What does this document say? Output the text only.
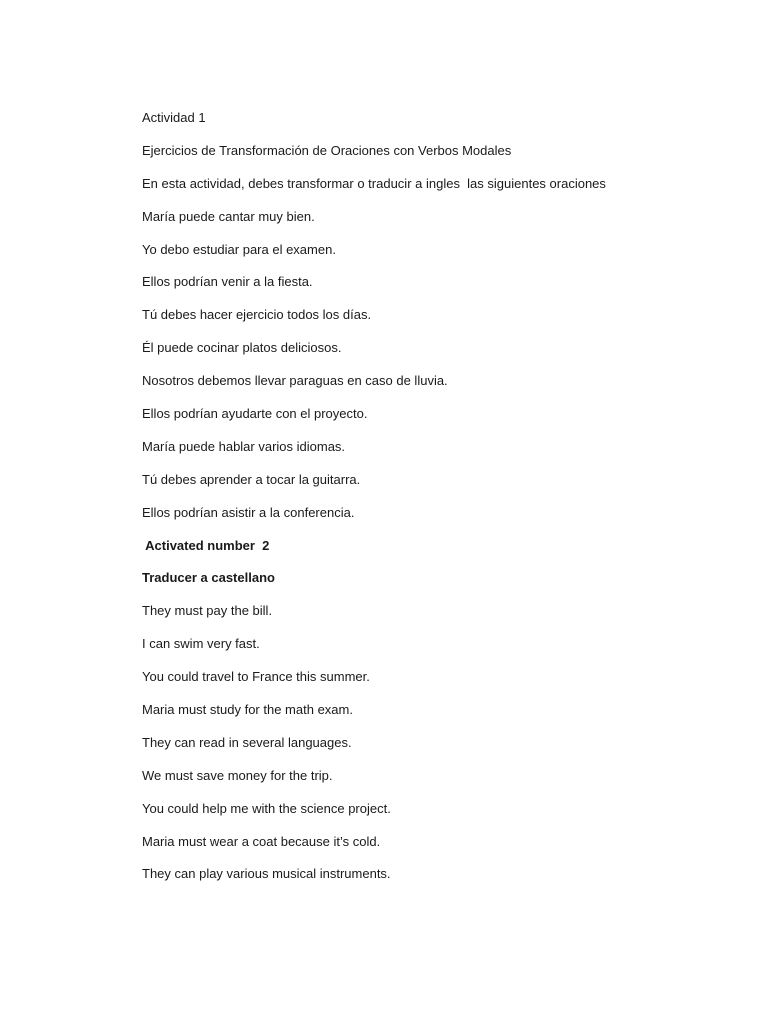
Actividad 1
Ejercicios de Transformación de Oraciones con Verbos Modales
En esta actividad, debes transformar o traducir a ingles  las siguientes oraciones
María puede cantar muy bien.
Yo debo estudiar para el examen.
Ellos podrían venir a la fiesta.
Tú debes hacer ejercicio todos los días.
Él puede cocinar platos deliciosos.
Nosotros debemos llevar paraguas en caso de lluvia.
Ellos podrían ayudarte con el proyecto.
María puede hablar varios idiomas.
Tú debes aprender a tocar la guitarra.
Ellos podrían asistir a la conferencia.
Activated number  2
Traducer a castellano
They must pay the bill.
I can swim very fast.
You could travel to France this summer.
Maria must study for the math exam.
They can read in several languages.
We must save money for the trip.
You could help me with the science project.
Maria must wear a coat because it’s cold.
They can play various musical instruments.
